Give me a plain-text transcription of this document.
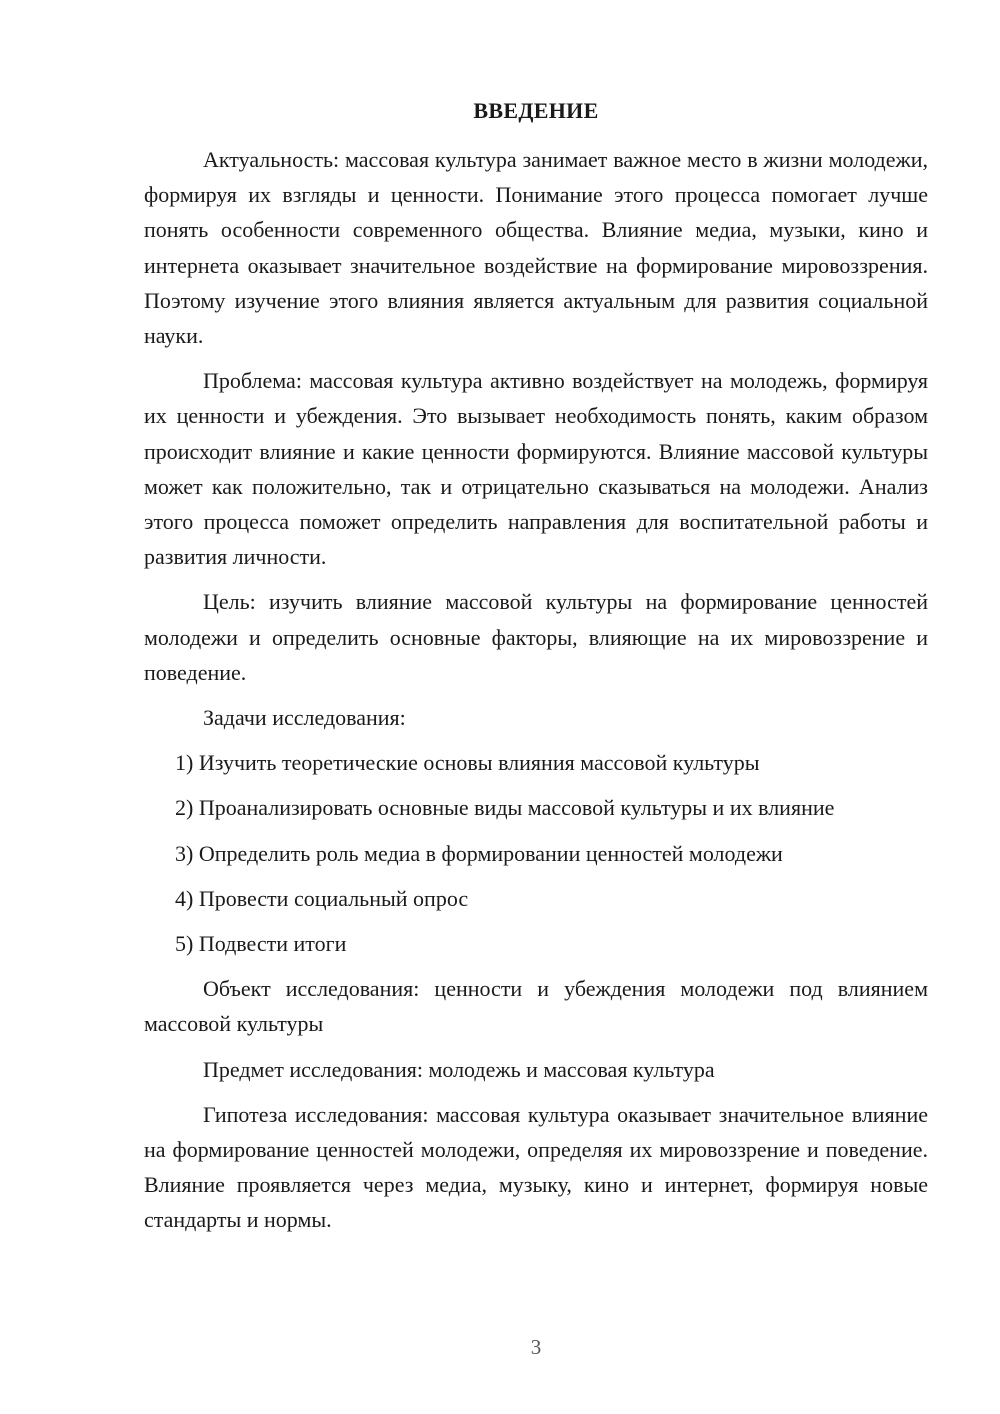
ВВЕДЕНИЕ

Актуальность: массовая культура занимает важное место в жизни молодежи, формируя их взгляды и ценности. Понимание этого процесса помогает лучше понять особенности современного общества. Влияние медиа, музыки, кино и интернета оказывает значительное воздействие на формирование мировоззрения. Поэтому изучение этого влияния является актуальным для развития социальной науки.

Проблема: массовая культура активно воздействует на молодежь, формируя их ценности и убеждения. Это вызывает необходимость понять, каким образом происходит влияние и какие ценности формируются. Влияние массовой культуры может как положительно, так и отрицательно сказываться на молодежи. Анализ этого процесса поможет определить направления для воспитательной работы и развития личности.

Цель: изучить влияние массовой культуры на формирование ценностей молодежи и определить основные факторы, влияющие на их мировоззрение и поведение.

Задачи исследования:

1) Изучить теоретические основы влияния массовой культуры
2) Проанализировать основные виды массовой культуры и их влияние
3) Определить роль медиа в формировании ценностей молодежи
4) Провести социальный опрос
5) Подвести итоги

Объект исследования: ценности и убеждения молодежи под влиянием массовой культуры

Предмет исследования: молодежь и массовая культура

Гипотеза исследования: массовая культура оказывает значительное влияние на формирование ценностей молодежи, определяя их мировоззрение и поведение. Влияние проявляется через медиа, музыку, кино и интернет, формируя новые стандарты и нормы.

3
